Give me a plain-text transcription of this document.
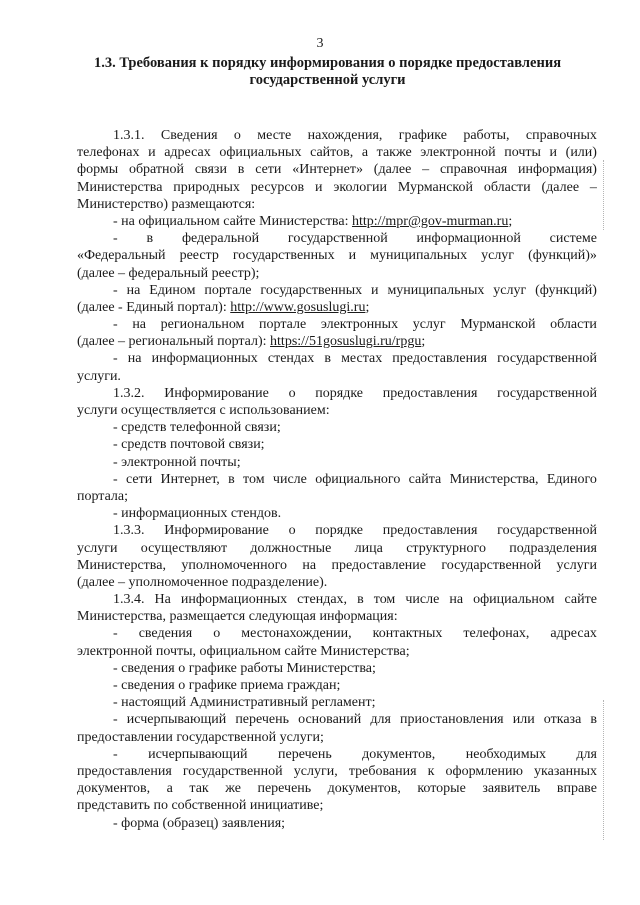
3
1.3. Требования к порядку информирования о порядке предоставления
государственной услуги
1.3.1. Сведения о месте нахождения, графике работы, справочных
телефонах и адресах официальных сайтов, а также электронной почты и (или)
формы обратной связи в сети «Интернет» (далее – справочная информация)
Министерства природных ресурсов и экологии Мурманской области (далее –
Министерство) размещаются:
- на официальном сайте Министерства: http://mpr@gov-murman.ru;
- в федеральной государственной информационной системе
«Федеральный реестр государственных и муниципальных услуг (функций)»
(далее – федеральный реестр);
- на Едином портале государственных и муниципальных услуг (функций)
(далее - Единый портал): http://www.gosuslugi.ru;
- на региональном портале электронных услуг Мурманской области
(далее – региональный портал): https://51gosuslugi.ru/rpgu;
- на информационных стендах в местах предоставления государственной
услуги.
1.3.2. Информирование о порядке предоставления государственной
услуги осуществляется с использованием:
- средств телефонной связи;
- средств почтовой связи;
- электронной почты;
- сети Интернет, в том числе официального сайта Министерства, Единого
портала;
- информационных стендов.
1.3.3. Информирование о порядке предоставления государственной
услуги осуществляют должностные лица структурного подразделения
Министерства, уполномоченного на предоставление государственной услуги
(далее – уполномоченное подразделение).
1.3.4. На информационных стендах, в том числе на официальном сайте
Министерства, размещается следующая информация:
- сведения о местонахождении, контактных телефонах, адресах
электронной почты, официальном сайте Министерства;
- сведения о графике работы Министерства;
- сведения о графике приема граждан;
- настоящий Административный регламент;
- исчерпывающий перечень оснований для приостановления или отказа в
предоставлении государственной услуги;
- исчерпывающий перечень документов, необходимых для
предоставления государственной услуги, требования к оформлению указанных
документов, а так же перечень документов, которые заявитель вправе
представить по собственной инициативе;
- форма (образец) заявления;
